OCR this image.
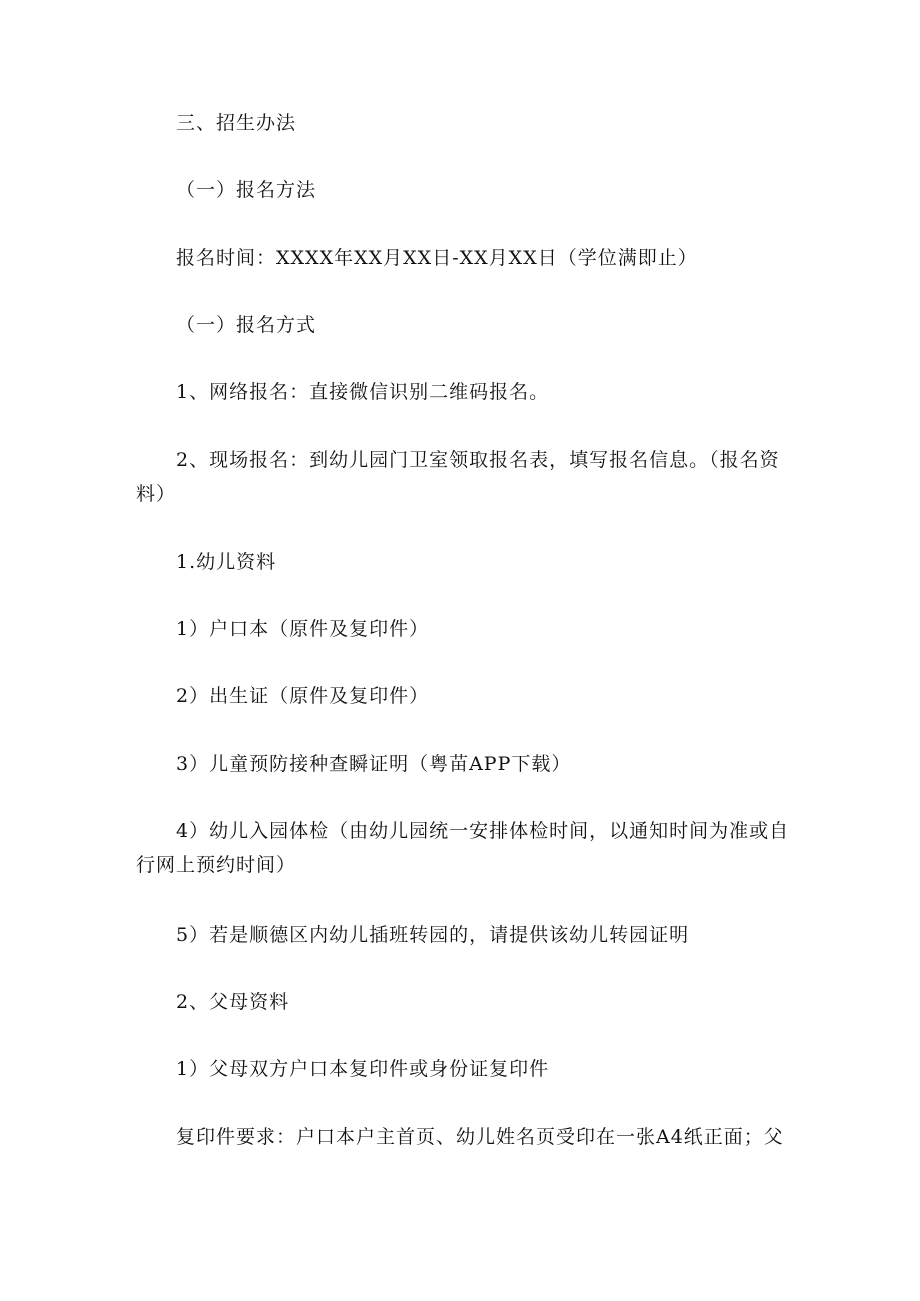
三、招生办法
（一）报名方法
报名时间：XXXX年XX月XX日-XX月XX日（学位满即止）
（一）报名方式
1、网络报名：直接微信识别二维码报名。
2、现场报名：到幼儿园门卫室领取报名表，填写报名信息。（报名资
料）
1.幼儿资料
1）户口本（原件及复印件）
2）出生证（原件及复印件）
3）儿童预防接种查瞬证明（粤苗APP下载）
4）幼儿入园体检（由幼儿园统一安排体检时间，以通知时间为准或自
行网上预约时间）
5）若是顺德区内幼儿插班转园的，请提供该幼儿转园证明
2、父母资料
1）父母双方户口本复印件或身份证复印件
复印件要求：户口本户主首页、幼儿姓名页受印在一张A4纸正面；父
